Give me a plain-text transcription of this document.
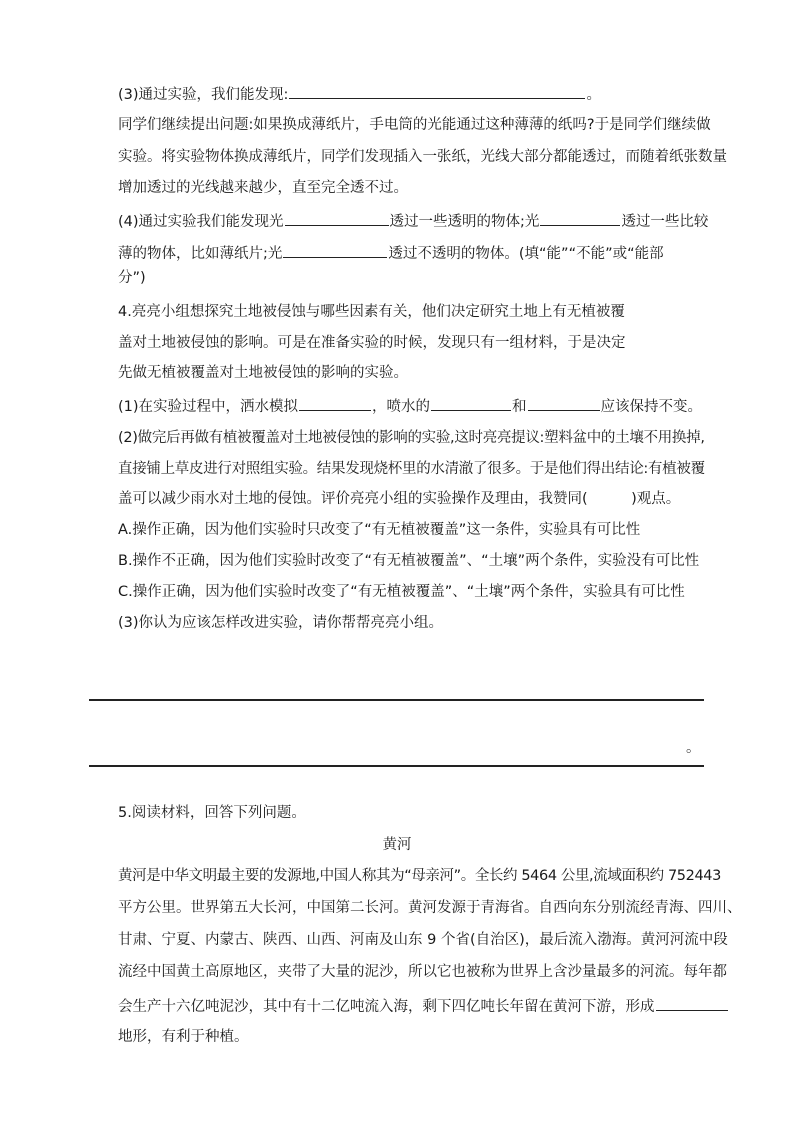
(3)通过实验，我们能发现:	。
同学们继续提出问题:如果换成薄纸片，手电筒的光能通过这种薄薄的纸吗?于是同学们继续做
实验。将实验物体换成薄纸片，同学们发现插入一张纸，光线大部分都能透过，而随着纸张数量
增加透过的光线越来越少，直至完全透不过。
(4)通过实验我们能发现光	透过一些透明的物体;光	透过一些比较
薄的物体，比如薄纸片;光	透过不透明的物体。(填“能”“不能”或“能部
分”)
4.亮亮小组想探究土地被侵蚀与哪些因素有关，他们决定研究土地上有无植被覆
盖对土地被侵蚀的影响。可是在准备实验的时候，发现只有一组材料，于是决定
先做无植被覆盖对土地被侵蚀的影响的实验。
(1)在实验过程中，洒水模拟	，喷水的	和	应该保持不变。
(2)做完后再做有植被覆盖对土地被侵蚀的影响的实验,这时亮亮提议:塑料盆中的土壤不用换掉,
直接铺上草皮进行对照组实验。结果发现烧杯里的水清澈了很多。于是他们得出结论:有植被覆
盖可以减少雨水对土地的侵蚀。评价亮亮小组的实验操作及理由，我赞同(　　　)观点。
A.操作正确，因为他们实验时只改变了“有无植被覆盖”这一条件，实验具有可比性
B.操作不正确，因为他们实验时改变了“有无植被覆盖”、“土壤”两个条件，实验没有可比性
C.操作正确，因为他们实验时改变了“有无植被覆盖”、“土壤”两个条件，实验具有可比性
(3)你认为应该怎样改进实验，请你帮帮亮亮小组。
。
5.阅读材料，回答下列问题。
黄河
黄河是中华文明最主要的发源地,中国人称其为“母亲河”。全长约 5464 公里,流域面积约 752443
平方公里。世界第五大长河，中国第二长河。黄河发源于青海省。自西向东分别流经青海、四川、
甘肃、宁夏、内蒙古、陕西、山西、河南及山东 9 个省(自治区)，最后流入渤海。黄河河流中段
流经中国黄土高原地区，夹带了大量的泥沙，所以它也被称为世界上含沙量最多的河流。每年都
会生产十六亿吨泥沙，其中有十二亿吨流入海，剩下四亿吨长年留在黄河下游，形成
地形，有利于种植。
